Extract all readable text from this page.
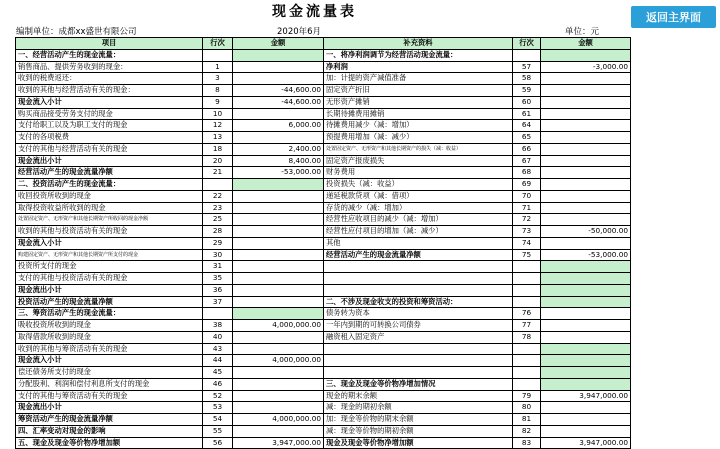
现金流量表	返回主界面
编制单位：成都xx盛世有限公司	2020年6月	单位：元
项目	行次	金额	补充资料	行次	金额
一、经营活动产生的现金流量：			一、将净利润调节为经营活动现金流量：		
销售商品、提供劳务收到的现金：	1		净利润	57	-3,000.00
收到的税费返还：	3		加：计提的资产减值准备	58	
收到的其他与经营活动有关的现金：	8	-44,600.00	固定资产折旧	59	
现金流入小计	9	-44,600.00	无形资产摊销	60	
购买商品接受劳务支付的现金	10		长期待摊费用摊销	61	
支付给职工以及为职工支付的现金	12	6,000.00	待摊费用减少（减：增加）	64	
支付的各项税费	13		预提费用增加（减：减少）	65	
支付的其他与经营活动有关的现金	18	2,400.00	处置固定资产、无形资产和其他长期资产的损失（减：收益）	66	
现金流出小计	20	8,400.00	固定资产报废损失	67	
经营活动产生的现金流量净额	21	-53,000.00	财务费用	68	
二、投资活动产生的现金流量：			投资损失（减：收益）	69	
收回投资所收到的现金	22		递延税款贷项（减：借项）	70	
取得投资收益所收到的现金	23		存货的减少（减：增加）	71	
处置固定资产、无形资产和其他长期资产所收回的现金净额	25		经营性应收项目的减少（减：增加）	72	
收到的其他与投资活动有关的现金	28		经营性应付项目的增加（减：减少）	73	-50,000.00
现金流入小计	29		其他	74	
购建固定资产、无形资产和其他长期资产所支付的现金	30		经营活动产生的现金流量净额	75	-53,000.00
投资所支付的现金	31				
支付的其他与投资活动有关的现金	35				
现金流出小计	36				
投资活动产生的现金流量净额	37		二、不涉及现金收支的投资和筹资活动：		
三、筹资活动产生的现金流量：			债务转为资本	76	
吸收投资所收到的现金	38	4,000,000.00	一年内到期的可转换公司债券	77	
取得借款所收到的现金	40		融资租入固定资产	78	
收到的其他与筹资活动有关的现金	43				
现金流入小计	44	4,000,000.00			
偿还债务所支付的现金	45				
分配股利、利润和偿付利息所支付的现金	46		三、现金及现金等价物净增加情况		
支付的其他与筹资活动有关的现金	52		现金的期末余额	79	3,947,000.00
现金流出小计	53		减：现金的期初余额	80	
筹资活动产生的现金流量净额	54	4,000,000.00	加：现金等价物的期末余额	81	
四、汇率变动对现金的影响	55		减：现金等价物的期初余额	82	
五、现金及现金等价物净增加额	56	3,947,000.00	现金及现金等价物净增加额	83	3,947,000.00
